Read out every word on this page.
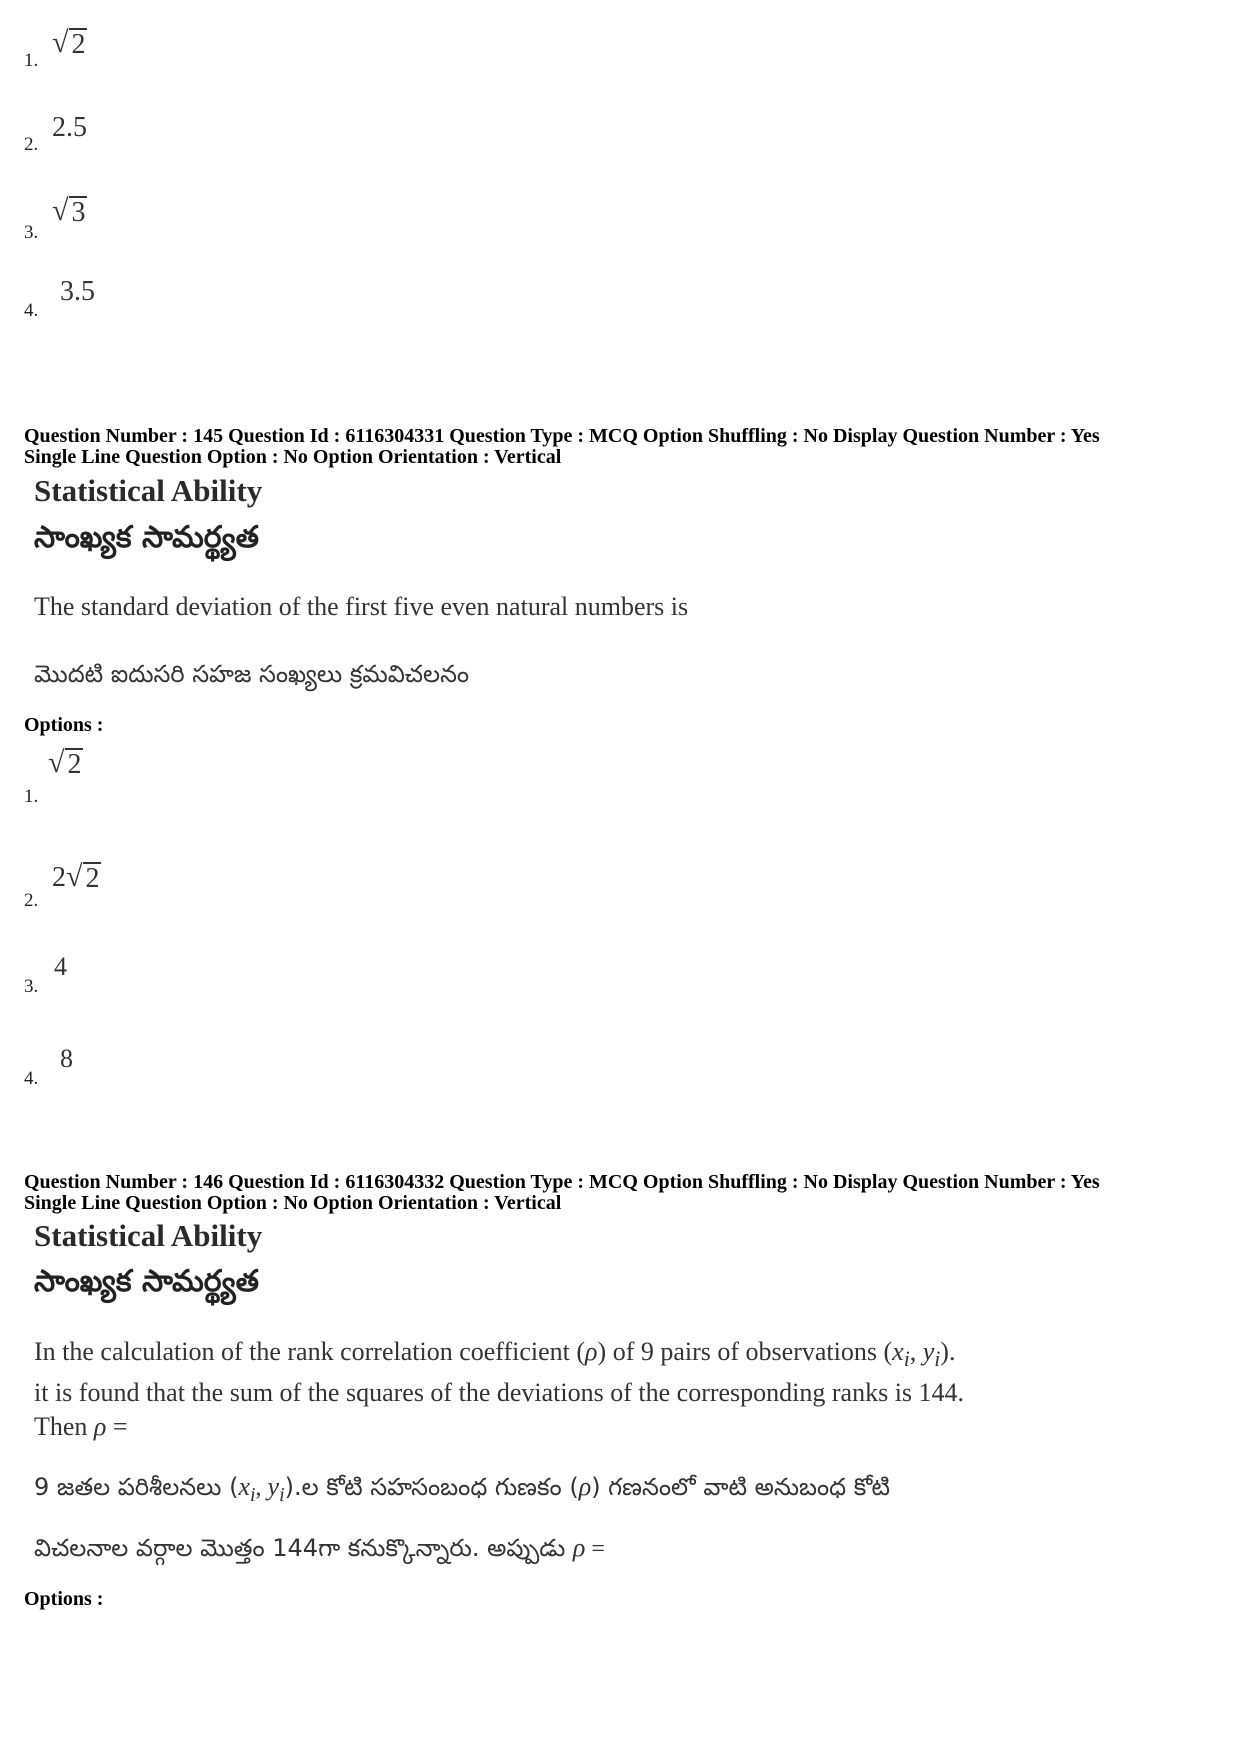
1.
√ 2
2.
2.5
3.
√ 3
4.
3.5
Question Number : 145 Question Id : 6116304331 Question Type : MCQ Option Shuffling : No Display Question Number : Yes
Single Line Question Option : No Option Orientation : Vertical
Statistical Ability
సాంఖ్యక సామర్థ్యత
The standard deviation of the first five even natural numbers is
మొదటి ఐదుసరి సహజ సంఖ్యలు క్రమవిచలనం
Options :
1.
√ 2
2.
2 √ 2
3.
4
4.
8
Question Number : 146 Question Id : 6116304332 Question Type : MCQ Option Shuffling : No Display Question Number : Yes
Single Line Question Option : No Option Orientation : Vertical
Statistical Ability
సాంఖ్యక సామర్థ్యత
In the calculation of the rank correlation coefficient (ρ) of 9 pairs of observations ($x_i$, $y_i$).
it is found that the sum of the squares of the deviations of the corresponding ranks is 144.
Then ρ =
9 జతల పరిశీలనలు ($x_i$, $y_i).ల$ కోటి సహసంబంధ గుణకం (ρ) గణనంలో వాటి అనుబంధ కోటి
విచలనాల వర్గాల మొత్తం 144గా కనుక్కొన్నారు. అప్పుడు ρ =
Options :
